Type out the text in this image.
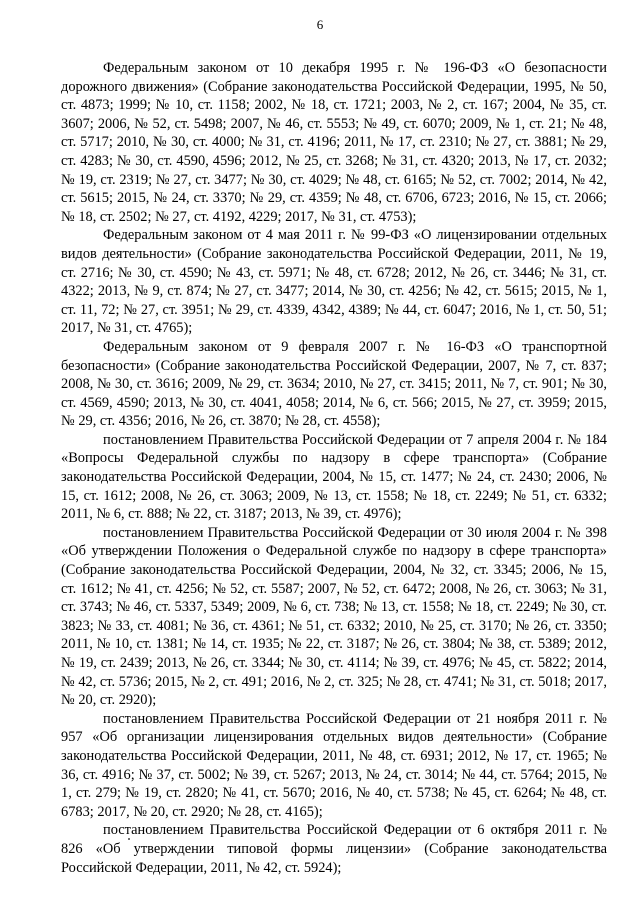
6

Федеральным законом от 10 декабря 1995 г. № 196-ФЗ «О безопасности дорожного движения» (Собрание законодательства Российской Федерации, 1995, № 50, ст. 4873; 1999; № 10, ст. 1158; 2002, № 18, ст. 1721; 2003, № 2, ст. 167; 2004, № 35, ст. 3607; 2006, № 52, ст. 5498; 2007, № 46, ст. 5553; № 49, ст. 6070; 2009, № 1, ст. 21; № 48, ст. 5717; 2010, № 30, ст. 4000; № 31, ст. 4196; 2011, № 17, ст. 2310; № 27, ст. 3881; № 29, ст. 4283; № 30, ст. 4590, 4596; 2012, № 25, ст. 3268; № 31, ст. 4320; 2013, № 17, ст. 2032; № 19, ст. 2319; № 27, ст. 3477; № 30, ст. 4029; № 48, ст. 6165; № 52, ст. 7002; 2014, № 42, ст. 5615; 2015, № 24, ст. 3370; № 29, ст. 4359; № 48, ст. 6706, 6723; 2016, № 15, ст. 2066; № 18, ст. 2502; № 27, ст. 4192, 4229; 2017, № 31, ст. 4753);

Федеральным законом от 4 мая 2011 г. № 99-ФЗ «О лицензировании отдельных видов деятельности» (Собрание законодательства Российской Федерации, 2011, № 19, ст. 2716; № 30, ст. 4590; № 43, ст. 5971; № 48, ст. 6728; 2012, № 26, ст. 3446; № 31, ст. 4322; 2013, № 9, ст. 874; № 27, ст. 3477; 2014, № 30, ст. 4256; № 42, ст. 5615; 2015, № 1, ст. 11, 72; № 27, ст. 3951; № 29, ст. 4339, 4342, 4389; № 44, ст. 6047; 2016, № 1, ст. 50, 51; 2017, № 31, ст. 4765);

Федеральным законом от 9 февраля 2007 г. № 16-ФЗ «О транспортной безопасности» (Собрание законодательства Российской Федерации, 2007, № 7, ст. 837; 2008, № 30, ст. 3616; 2009, № 29, ст. 3634; 2010, № 27, ст. 3415; 2011, № 7, ст. 901; № 30, ст. 4569, 4590; 2013, № 30, ст. 4041, 4058; 2014, № 6, ст. 566; 2015, № 27, ст. 3959; 2015, № 29, ст. 4356; 2016, № 26, ст. 3870; № 28, ст. 4558);

постановлением Правительства Российской Федерации от 7 апреля 2004 г. № 184 «Вопросы Федеральной службы по надзору в сфере транспорта» (Собрание законодательства Российской Федерации, 2004, № 15, ст. 1477; № 24, ст. 2430; 2006, № 15, ст. 1612; 2008, № 26, ст. 3063; 2009, № 13, ст. 1558; № 18, ст. 2249; № 51, ст. 6332; 2011, № 6, ст. 888; № 22, ст. 3187; 2013, № 39, ст. 4976);

постановлением Правительства Российской Федерации от 30 июля 2004 г. № 398 «Об утверждении Положения о Федеральной службе по надзору в сфере транспорта» (Собрание законодательства Российской Федерации, 2004, № 32, ст. 3345; 2006, № 15, ст. 1612; № 41, ст. 4256; № 52, ст. 5587; 2007, № 52, ст. 6472; 2008, № 26, ст. 3063; № 31, ст. 3743; № 46, ст. 5337, 5349; 2009, № 6, ст. 738; № 13, ст. 1558; № 18, ст. 2249; № 30, ст. 3823; № 33, ст. 4081; № 36, ст. 4361; № 51, ст. 6332; 2010, № 25, ст. 3170; № 26, ст. 3350; 2011, № 10, ст. 1381; № 14, ст. 1935; № 22, ст. 3187; № 26, ст. 3804; № 38, ст. 5389; 2012, № 19, ст. 2439; 2013, № 26, ст. 3344; № 30, ст. 4114; № 39, ст. 4976; № 45, ст. 5822; 2014, № 42, ст. 5736; 2015, № 2, ст. 491; 2016, № 2, ст. 325; № 28, ст. 4741; № 31, ст. 5018; 2017, № 20, ст. 2920);

постановлением Правительства Российской Федерации от 21 ноября 2011 г. № 957 «Об организации лицензирования отдельных видов деятельности» (Собрание законодательства Российской Федерации, 2011, № 48, ст. 6931; 2012, № 17, ст. 1965; № 36, ст. 4916; № 37, ст. 5002; № 39, ст. 5267; 2013, № 24, ст. 3014; № 44, ст. 5764; 2015, № 1, ст. 279; № 19, ст. 2820; № 41, ст. 5670; 2016, № 40, ст. 5738; № 45, ст. 6264; № 48, ст. 6783; 2017, № 20, ст. 2920; № 28, ст. 4165);

постановлением Правительства Российской Федерации от 6 октября 2011 г. № 826 «Об утверждении типовой формы лицензии» (Собрание законодательства Российской Федерации, 2011, № 42, ст. 5924);
